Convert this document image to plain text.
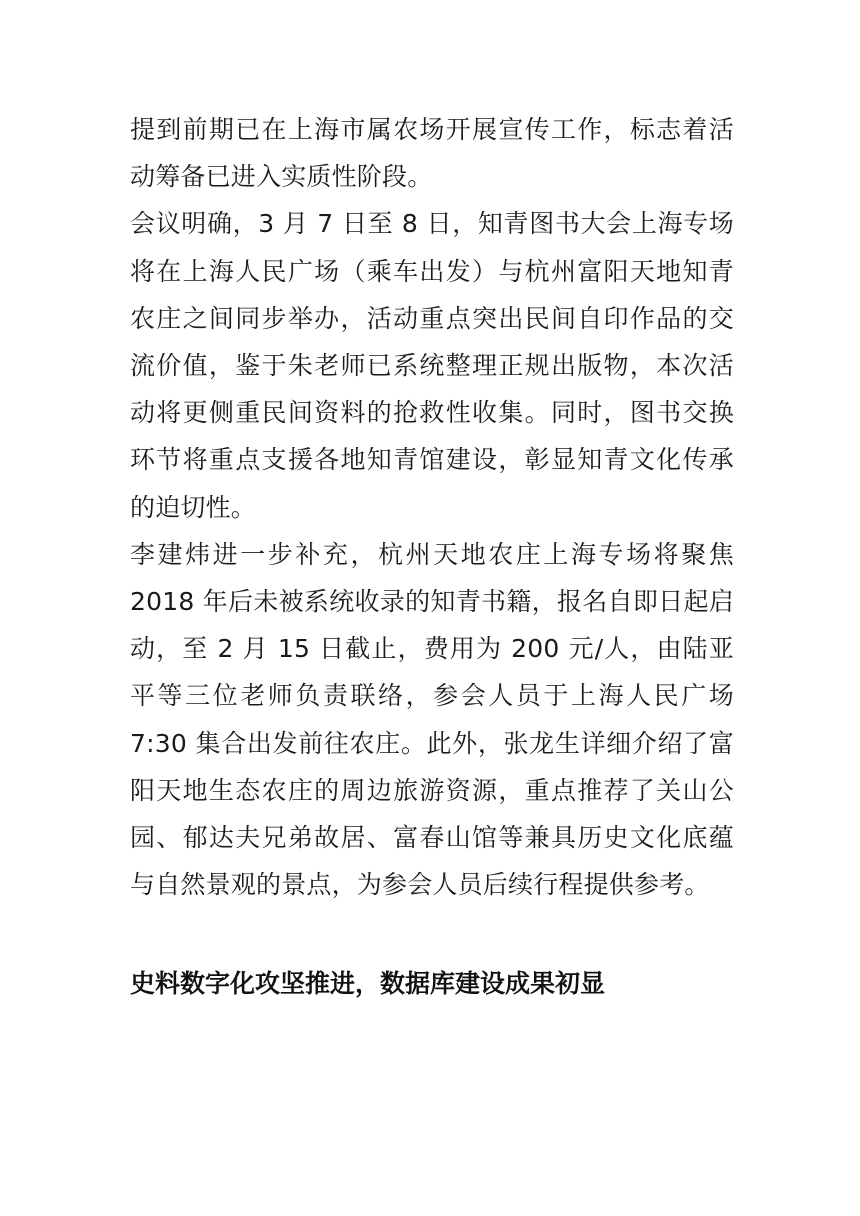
提到前期已在上海市属农场开展宣传工作，标志着活动筹备已进入实质性阶段。

会议明确，3 月 7 日至 8 日，知青图书大会上海专场将在上海人民广场（乘车出发）与杭州富阳天地知青农庄之间同步举办，活动重点突出民间自印作品的交流价值，鉴于朱老师已系统整理正规出版物，本次活动将更侧重民间资料的抢救性收集。同时，图书交换环节将重点支援各地知青馆建设，彰显知青文化传承的迫切性。

李建炜进一步补充，杭州天地农庄上海专场将聚焦 2018 年后未被系统收录的知青书籍，报名自即日起启动，至 2 月 15 日截止，费用为 200 元/人，由陆亚平等三位老师负责联络，参会人员于上海人民广场 7:30 集合出发前往农庄。此外，张龙生详细介绍了富阳天地生态农庄的周边旅游资源，重点推荐了关山公园、郁达夫兄弟故居、富春山馆等兼具历史文化底蕴与自然景观的景点，为参会人员后续行程提供参考。

史料数字化攻坚推进，数据库建设成果初显
